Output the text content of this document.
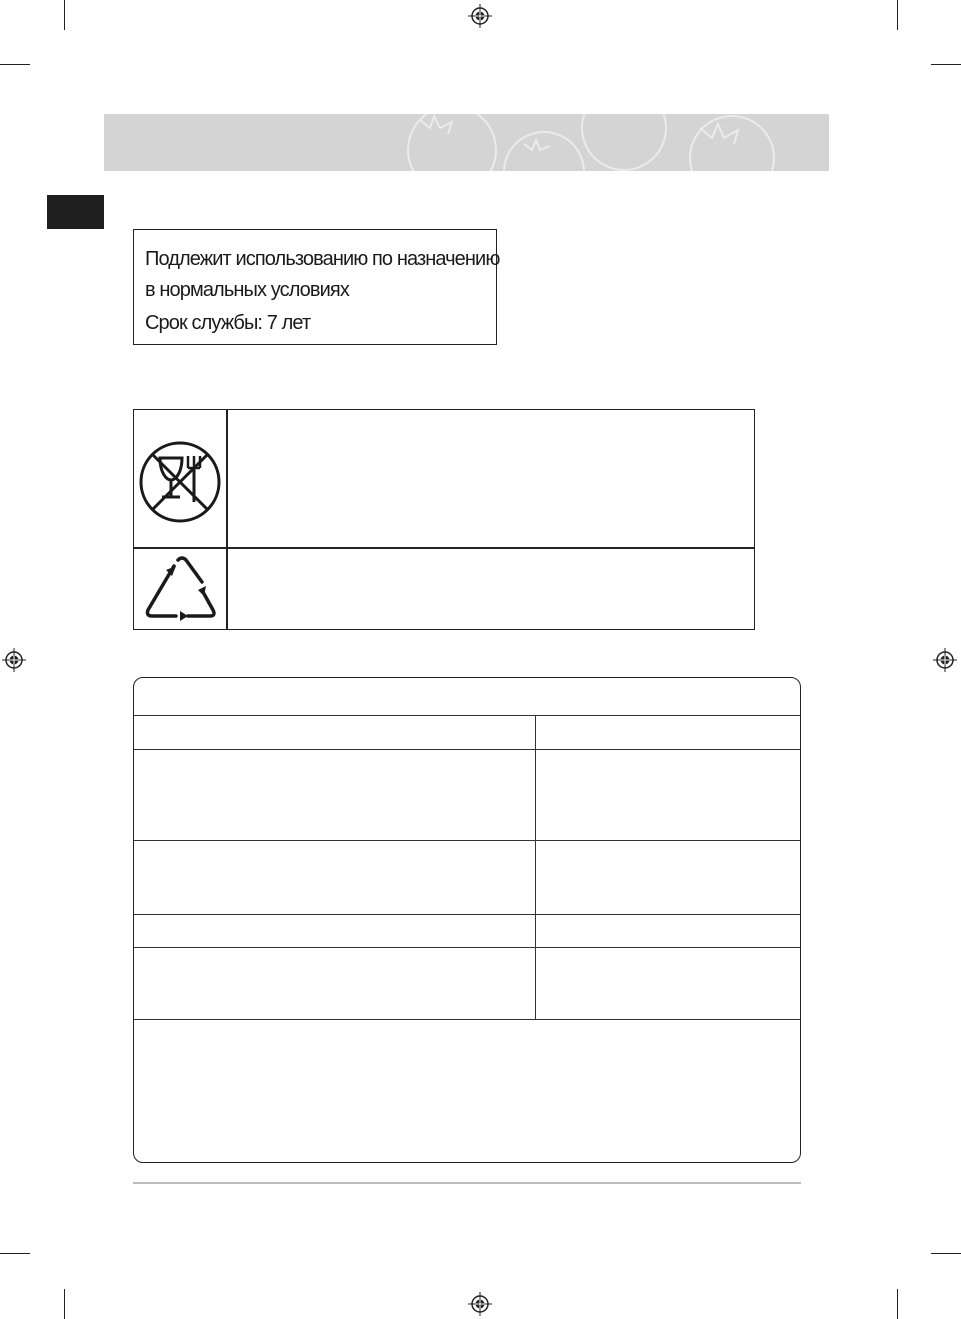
Подлежит использованию по назначению
в нормальных условиях
Срок службы: 7 лет
